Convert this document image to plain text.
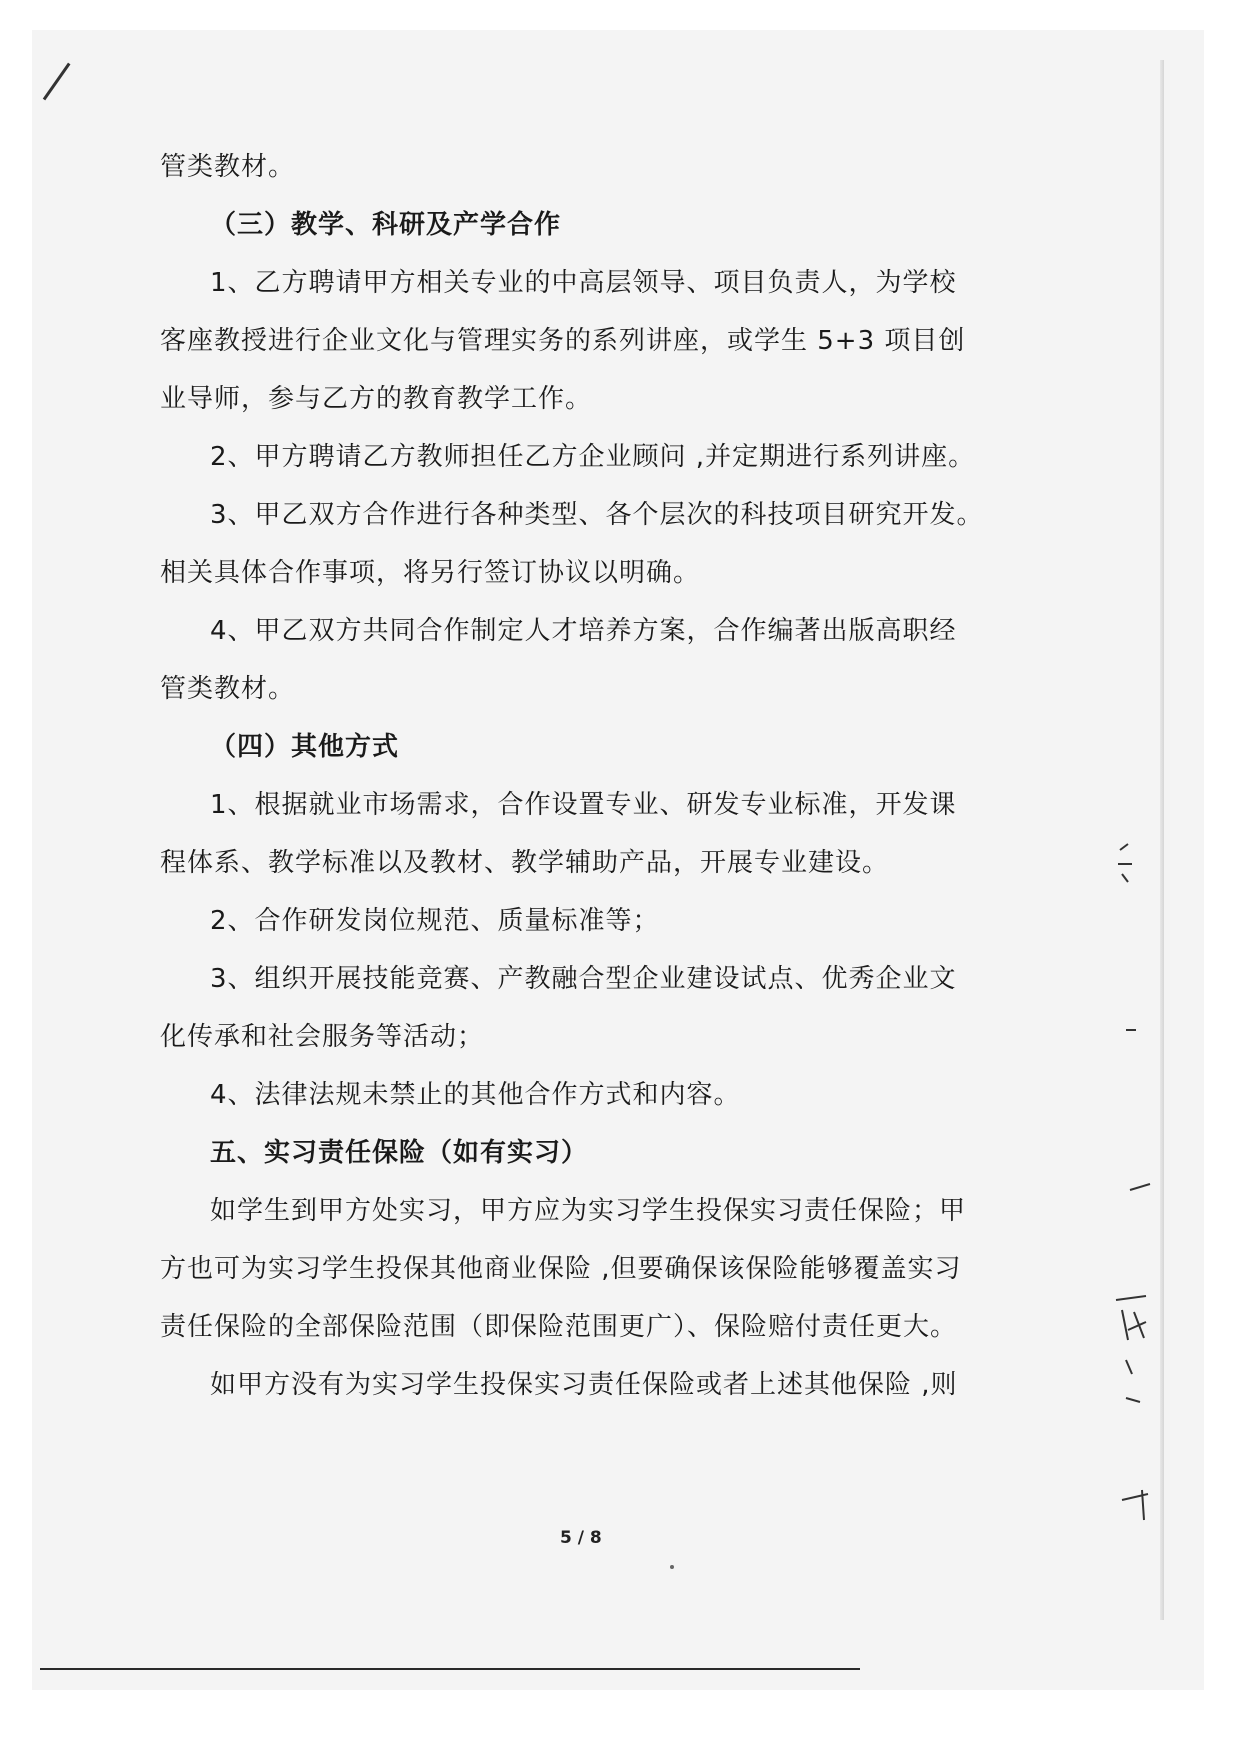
管类教材。
（三）教学、科研及产学合作
1、乙方聘请甲方相关专业的中高层领导、项目负责人，为学校
客座教授进行企业文化与管理实务的系列讲座，或学生 5+3 项目创
业导师，参与乙方的教育教学工作。
2、甲方聘请乙方教师担任乙方企业顾问 ,并定期进行系列讲座。
3、甲乙双方合作进行各种类型、各个层次的科技项目研究开发。
相关具体合作事项，将另行签订协议以明确。
4、甲乙双方共同合作制定人才培养方案，合作编著出版高职经
管类教材。
（四）其他方式
1、根据就业市场需求，合作设置专业、研发专业标准，开发课
程体系、教学标准以及教材、教学辅助产品，开展专业建设。
2、合作研发岗位规范、质量标准等；
3、组织开展技能竞赛、产教融合型企业建设试点、优秀企业文
化传承和社会服务等活动；
4、法律法规未禁止的其他合作方式和内容。
五、实习责任保险（如有实习）
如学生到甲方处实习，甲方应为实习学生投保实习责任保险；甲
方也可为实习学生投保其他商业保险 ,但要确保该保险能够覆盖实习
责任保险的全部保险范围（即保险范围更广）、保险赔付责任更大。
如甲方没有为实习学生投保实习责任保险或者上述其他保险 ,则
5 / 8
